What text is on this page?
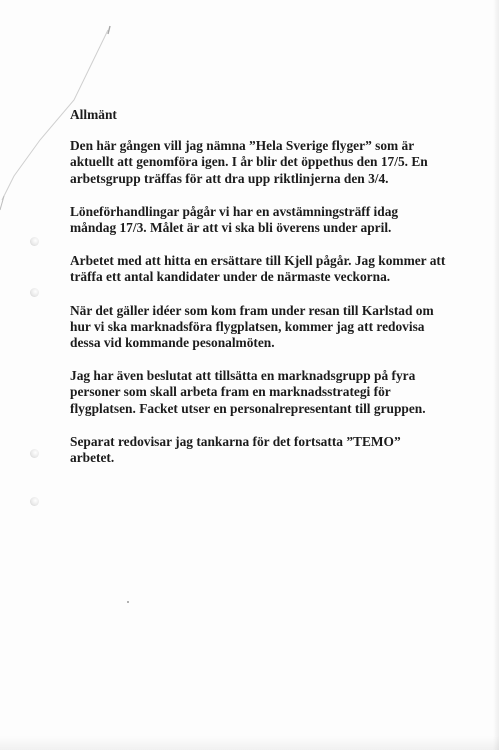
Allmänt
Den här gången vill jag nämna ”Hela Sverige flyger” som är
aktuellt att genomföra igen. I år blir det öppethus den 17/5. En
arbetsgrupp träffas för att dra upp riktlinjerna den 3/4.
Löneförhandlingar pågår vi har en avstämningsträff idag
måndag 17/3. Målet är att vi ska bli överens under april.
Arbetet med att hitta en ersättare till Kjell pågår. Jag kommer att
träffa ett antal kandidater under de närmaste veckorna.
När det gäller idéer som kom fram under resan till Karlstad om
hur vi ska marknadsföra flygplatsen, kommer jag att redovisa
dessa vid kommande pesonalmöten.
Jag har även beslutat att tillsätta en marknadsgrupp på fyra
personer som skall arbeta fram en marknadsstrategi för
flygplatsen. Facket utser en personalrepresentant till gruppen.
Separat redovisar jag tankarna för det fortsatta ”TEMO”
arbetet.
